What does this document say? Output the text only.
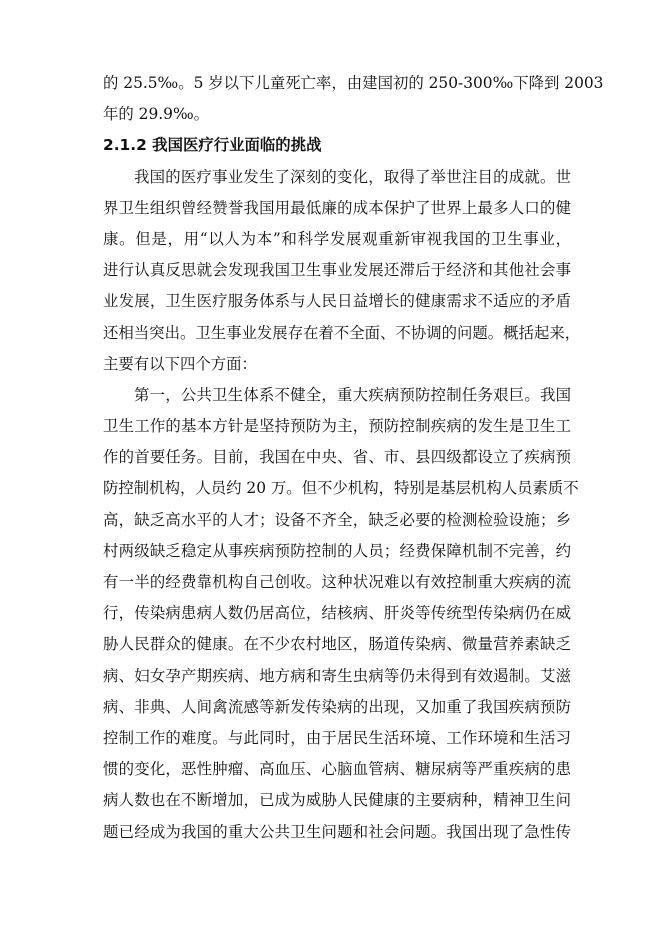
的 25.5‰。5 岁以下儿童死亡率，由建国初的 250-300‰下降到 2003
年的 29.9‰。
2.1.2 我国医疗行业面临的挑战
我国的医疗事业发生了深刻的变化，取得了举世注目的成就。世
界卫生组织曾经赞誉我国用最低廉的成本保护了世界上最多人口的健
康。但是，用“以人为本”和科学发展观重新审视我国的卫生事业，
进行认真反思就会发现我国卫生事业发展还滞后于经济和其他社会事
业发展，卫生医疗服务体系与人民日益增长的健康需求不适应的矛盾
还相当突出。卫生事业发展存在着不全面、不协调的问题。概括起来，
主要有以下四个方面：
第一，公共卫生体系不健全，重大疾病预防控制任务艰巨。我国
卫生工作的基本方针是坚持预防为主，预防控制疾病的发生是卫生工
作的首要任务。目前，我国在中央、省、市、县四级都设立了疾病预
防控制机构，人员约 20 万。但不少机构，特别是基层机构人员素质不
高，缺乏高水平的人才；设备不齐全，缺乏必要的检测检验设施；乡
村两级缺乏稳定从事疾病预防控制的人员；经费保障机制不完善，约
有一半的经费靠机构自己创收。这种状况难以有效控制重大疾病的流
行，传染病患病人数仍居高位，结核病、肝炎等传统型传染病仍在威
胁人民群众的健康。在不少农村地区，肠道传染病、微量营养素缺乏
病、妇女孕产期疾病、地方病和寄生虫病等仍未得到有效遏制。艾滋
病、非典、人间禽流感等新发传染病的出现，又加重了我国疾病预防
控制工作的难度。与此同时，由于居民生活环境、工作环境和生活习
惯的变化，恶性肿瘤、高血压、心脑血管病、糖尿病等严重疾病的患
病人数也在不断增加，已成为威胁人民健康的主要病种，精神卫生问
题已经成为我国的重大公共卫生问题和社会问题。我国出现了急性传
